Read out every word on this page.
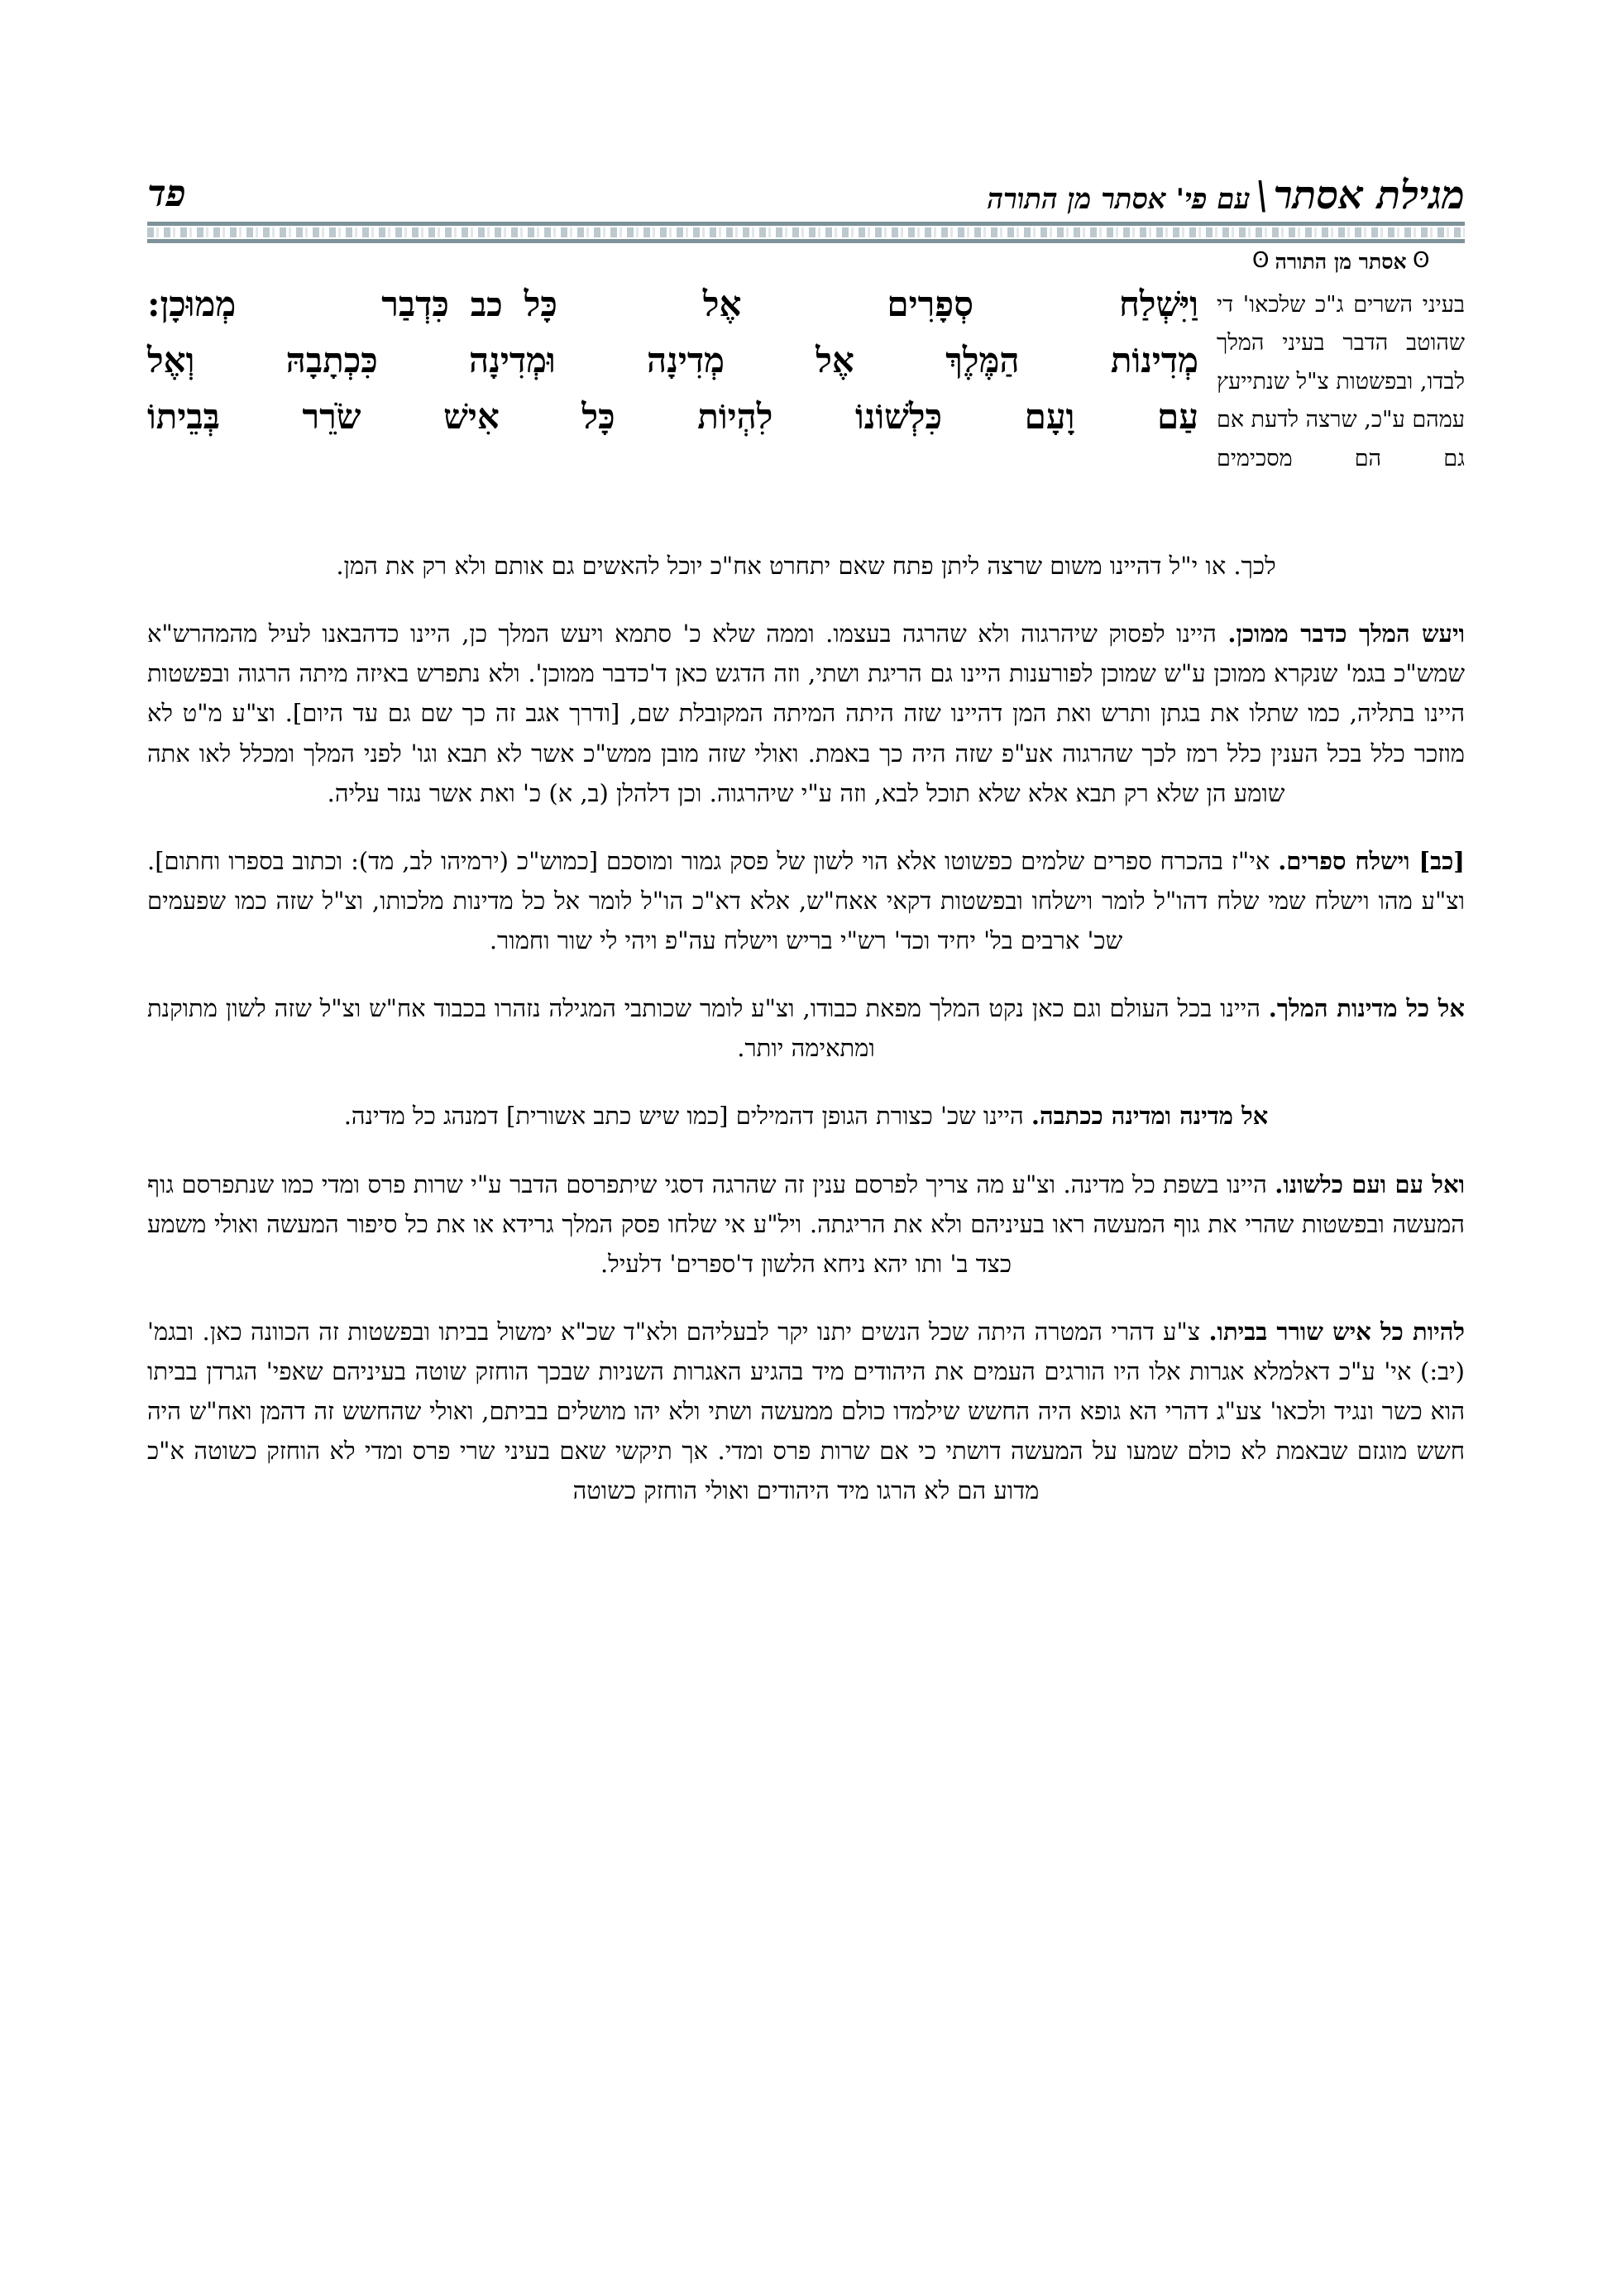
מגילת אסתר\עם פי' אסתר מן התורה
פד
ʘאסתר מן התורהʘ
בעיני השרים ג"כ שלכאו' די שהוטב הדבר בעיני המלך לבדו, ובפשטות צ"ל שנתייעץ עמהם ע"כ, שרצה לדעת אם גם הם מסכימים
וַיִּשְׁלַח סְפָרִים אֶל כָּלכבכִּדְבַר מְמוּכָן:
מְדִינוֹת הַמֶּלֶךְ אֶל מְדִינָה וּמְדִינָה כִּכְתָבָהּ וְאֶל
עַם וָעָם כִּלְשׁוֹנוֹ לִהְיוֹת כָּל אִישׁ שֹׂרֵר בְּבֵיתוֹ

לכך. או י"ל דהיינו משום שרצה ליתן פתח שאם יתחרט אח"כ יוכל להאשים גם אותם ולא רק את המן.

ויעש המלך כדבר ממוכן. היינו לפסוק שיהרגוה ולא שהרגה בעצמו. וממה שלא כ' סתמא ויעש המלך כן, היינו כדהבאנו לעיל מהמהרש"א שמש"כ בגמ' שנקרא ממוכן ע"ש שמוכן לפורענות היינו גם הריגת ושתי, וזה הדגש כאן ד'כדבר ממוכן'. ולא נתפרש באיזה מיתה הרגוה ובפשטות היינו בתליה, כמו שתלו את בגתן ותרש ואת המן דהיינו שזה היתה המיתה המקובלת שם, [ודרך אגב זה כך שם גם עד היום]. וצ"ע מ"ט לא מוזכר כלל בכל הענין כלל רמז לכך שהרגוה אע"פ שזה היה כך באמת. ואולי שזה מובן ממש"כ אשר לא תבא וגו' לפני המלך ומכלל לאו אתה שומע הן שלא רק תבא אלא שלא תוכל לבא, וזה ע"י שיהרגוה. וכן דלהלן (ב, א) כ' ואת אשר נגזר עליה.

[כב] וישלח ספרים. אי"ז בהכרח ספרים שלמים כפשוטו אלא הוי לשון של פסק גמור ומוסכם [כמוש"כ (ירמיהו לב, מד): וכתוב בספרו וחתום]. וצ"ע מהו וישלח שמי שלח דהו"ל לומר וישלחו ובפשטות דקאי אאח"ש, אלא דא"כ הו"ל לומר אל כל מדינות מלכותו, וצ"ל שזה כמו שפעמים שכ' ארבים בל' יחיד וכד' רש"י בריש וישלח עה"פ ויהי לי שור וחמור.

אל כל מדינות המלך. היינו בכל העולם וגם כאן נקט המלך מפאת כבודו, וצ"ע לומר שכותבי המגילה נזהרו בכבוד אח"ש וצ"ל שזה לשון מתוקנת ומתאימה יותר.

אל מדינה ומדינה ככתבה. היינו שכ' כצורת הגופן דהמילים [כמו שיש כתב אשורית] דמנהג כל מדינה.

ואל עם ועם כלשונו. היינו בשפת כל מדינה. וצ"ע מה צריך לפרסם ענין זה שהרגה דסגי שיתפרסם הדבר ע"י שרות פרס ומדי כמו שנתפרסם גוף המעשה ובפשטות שהרי את גוף המעשה ראו בעיניהם ולא את הריגתה. ויל"ע אי שלחו פסק המלך גרידא או את כל סיפור המעשה ואולי משמע כצד ב' ותו יהא ניחא הלשון ד'ספרים' דלעיל.

להיות כל איש שורר בביתו. צ"ע דהרי המטרה היתה שכל הנשים יתנו יקר לבעליהם ולא"ד שכ"א ימשול בביתו ובפשטות זה הכוונה כאן. ובגמ' (יב:) אי' ע"כ דאלמלא אגרות אלו היו הורגים העמים את היהודים מיד בהגיע האגרות השניות שבכך הוחזק שוטה בעיניהם שאפי' הגרדן בביתו הוא כשר ונגיד ולכאו' צע"ג דהרי הא גופא היה החשש שילמדו כולם ממעשה ושתי ולא יהו מושלים בביתם, ואולי שהחשש זה דהמן ואח"ש היה חשש מוגזם שבאמת לא כולם שמעו על המעשה דושתי כי אם שרות פרס ומדי. אך תיקשי שאם בעיני שרי פרס ומדי לא הוחזק כשוטה א"כ מדוע הם לא הרגו מיד היהודים ואולי הוחזק כשוטה
